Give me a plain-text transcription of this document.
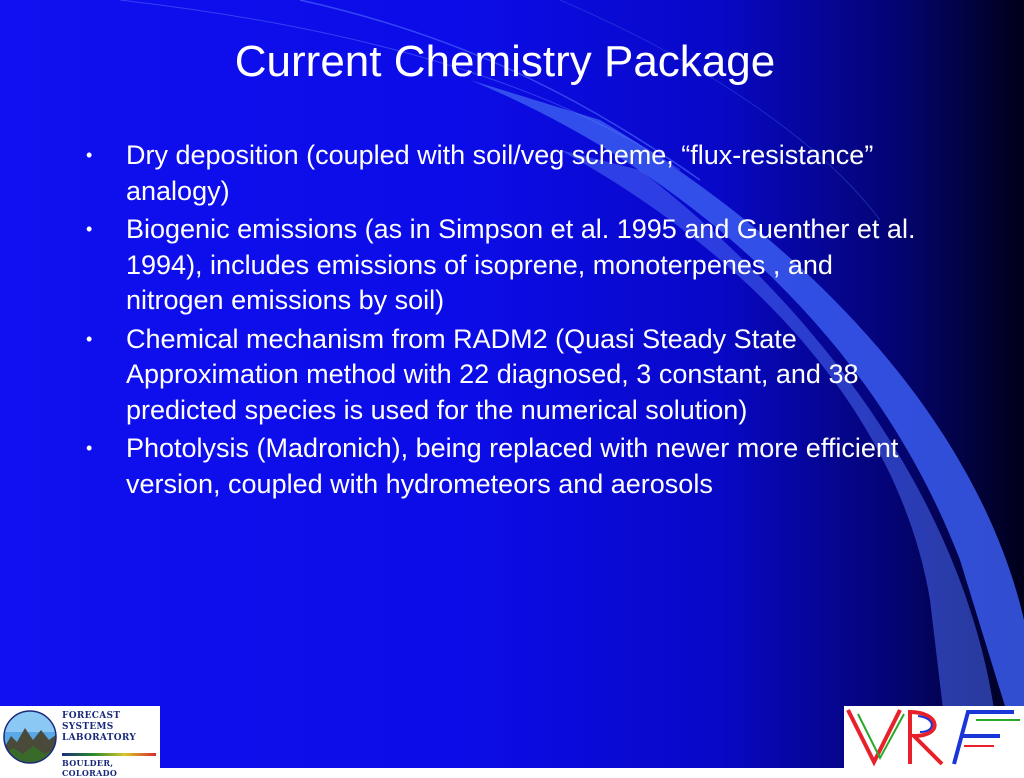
Current Chemistry Package
• Dry deposition (coupled with soil/veg scheme, “flux-resistance” analogy)
• Biogenic emissions (as in Simpson et al. 1995 and Guenther et al. 1994), includes emissions of isoprene, monoterpenes , and nitrogen emissions by soil)
• Chemical mechanism from RADM2 (Quasi Steady State Approximation method with 22 diagnosed, 3 constant, and 38 predicted species is used for the numerical solution)
• Photolysis (Madronich), being replaced with newer more efficient version, coupled with hydrometeors and aerosols
FORECAST
SYSTEMS
LABORATORY
BOULDER, COLORADO
